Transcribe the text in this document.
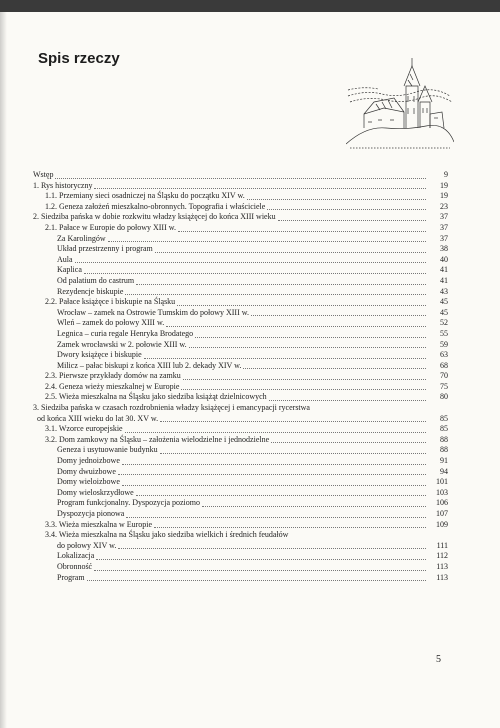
Spis rzeczy
Wstęp	9
1. Rys historyczny	19
1.1. Przemiany sieci osadniczej na Śląsku do początku XIV w.	19
1.2. Geneza założeń mieszkalno-obronnych. Topografia i właściciele	23
2. Siedziba pańska w dobie rozkwitu władzy książęcej do końca XIII wieku	37
2.1. Pałace w Europie do połowy XIII w.	37
Za Karolingów	37
Układ przestrzenny i program	38
Aula	40
Kaplica	41
Od palatium do castrum	41
Rezydencje biskupie	43
2.2. Pałace książęce i biskupie na Śląsku	45
Wrocław – zamek na Ostrowie Tumskim do połowy XIII w.	45
Wleń – zamek do połowy XIII w.	52
Legnica – curia regale Henryka Brodatego	55
Zamek wrocławski w 2. połowie XIII w.	59
Dwory książęce i biskupie	63
Milicz – pałac biskupi z końca XIII lub 2. dekady XIV w.	68
2.3. Pierwsze przykłady domów na zamku	70
2.4. Geneza wieży mieszkalnej w Europie	75
2.5. Wieża mieszkalna na Śląsku jako siedziba książąt dzielnicowych	80
3. Siedziba pańska w czasach rozdrobnienia władzy książęcej i emancypacji rycerstwa
od końca XIII wieku do lat 30. XV w.	85
3.1. Wzorce europejskie	85
3.2. Dom zamkowy na Śląsku – założenia wielodzielne i jednodzielne	88
Geneza i usytuowanie budynku	88
Domy jednoizbowe	91
Domy dwuizbowe	94
Domy wieloizbowe	101
Domy wieloskrzydłowe	103
Program funkcjonalny. Dyspozycja poziomo	106
Dyspozycja pionowa	107
3.3. Wieża mieszkalna w Europie	109
3.4. Wieża mieszkalna na Śląsku jako siedziba wielkich i średnich feudałów
do połowy XIV w.	111
Lokalizacja	112
Obronność	113
Program	113
5
